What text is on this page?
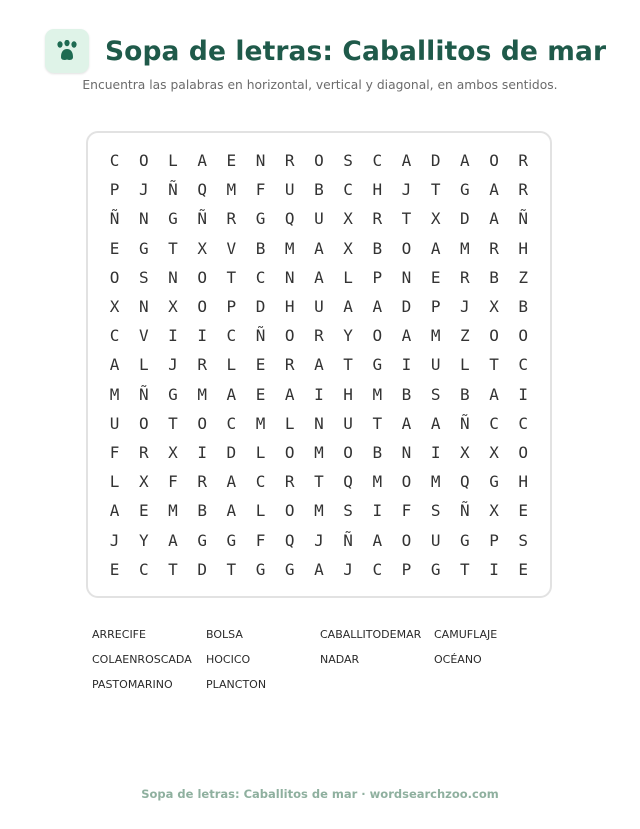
Sopa de letras: Caballitos de mar
Encuentra las palabras en horizontal, vertical y diagonal, en ambos sentidos.
C	O	L	A	E	N	R	O	S	C	A	D	A	O	R
P	J	Ñ	Q	M	F	U	B	C	H	J	T	G	A	R
Ñ	N	G	Ñ	R	G	Q	U	X	R	T	X	D	A	Ñ
E	G	T	X	V	B	M	A	X	B	O	A	M	R	H
O	S	N	O	T	C	N	A	L	P	N	E	R	B	Z
X	N	X	O	P	D	H	U	A	A	D	P	J	X	B
C	V	I	I	C	Ñ	O	R	Y	O	A	M	Z	O	O
A	L	J	R	L	E	R	A	T	G	I	U	L	T	C
M	Ñ	G	M	A	E	A	I	H	M	B	S	B	A	I
U	O	T	O	C	M	L	N	U	T	A	A	Ñ	C	C
F	R	X	I	D	L	O	M	O	B	N	I	X	X	O
L	X	F	R	A	C	R	T	Q	M	O	M	Q	G	H
A	E	M	B	A	L	O	M	S	I	F	S	Ñ	X	E
J	Y	A	G	G	F	Q	J	Ñ	A	O	U	G	P	S
E	C	T	D	T	G	G	A	J	C	P	G	T	I	E
ARRECIFE	BOLSA	CABALLITODEMAR	CAMUFLAJE
COLAENROSCADA	HOCICO	NADAR	OCÉANO
PASTOMARINO	PLANCTON
Sopa de letras: Caballitos de mar · wordsearchzoo.com
